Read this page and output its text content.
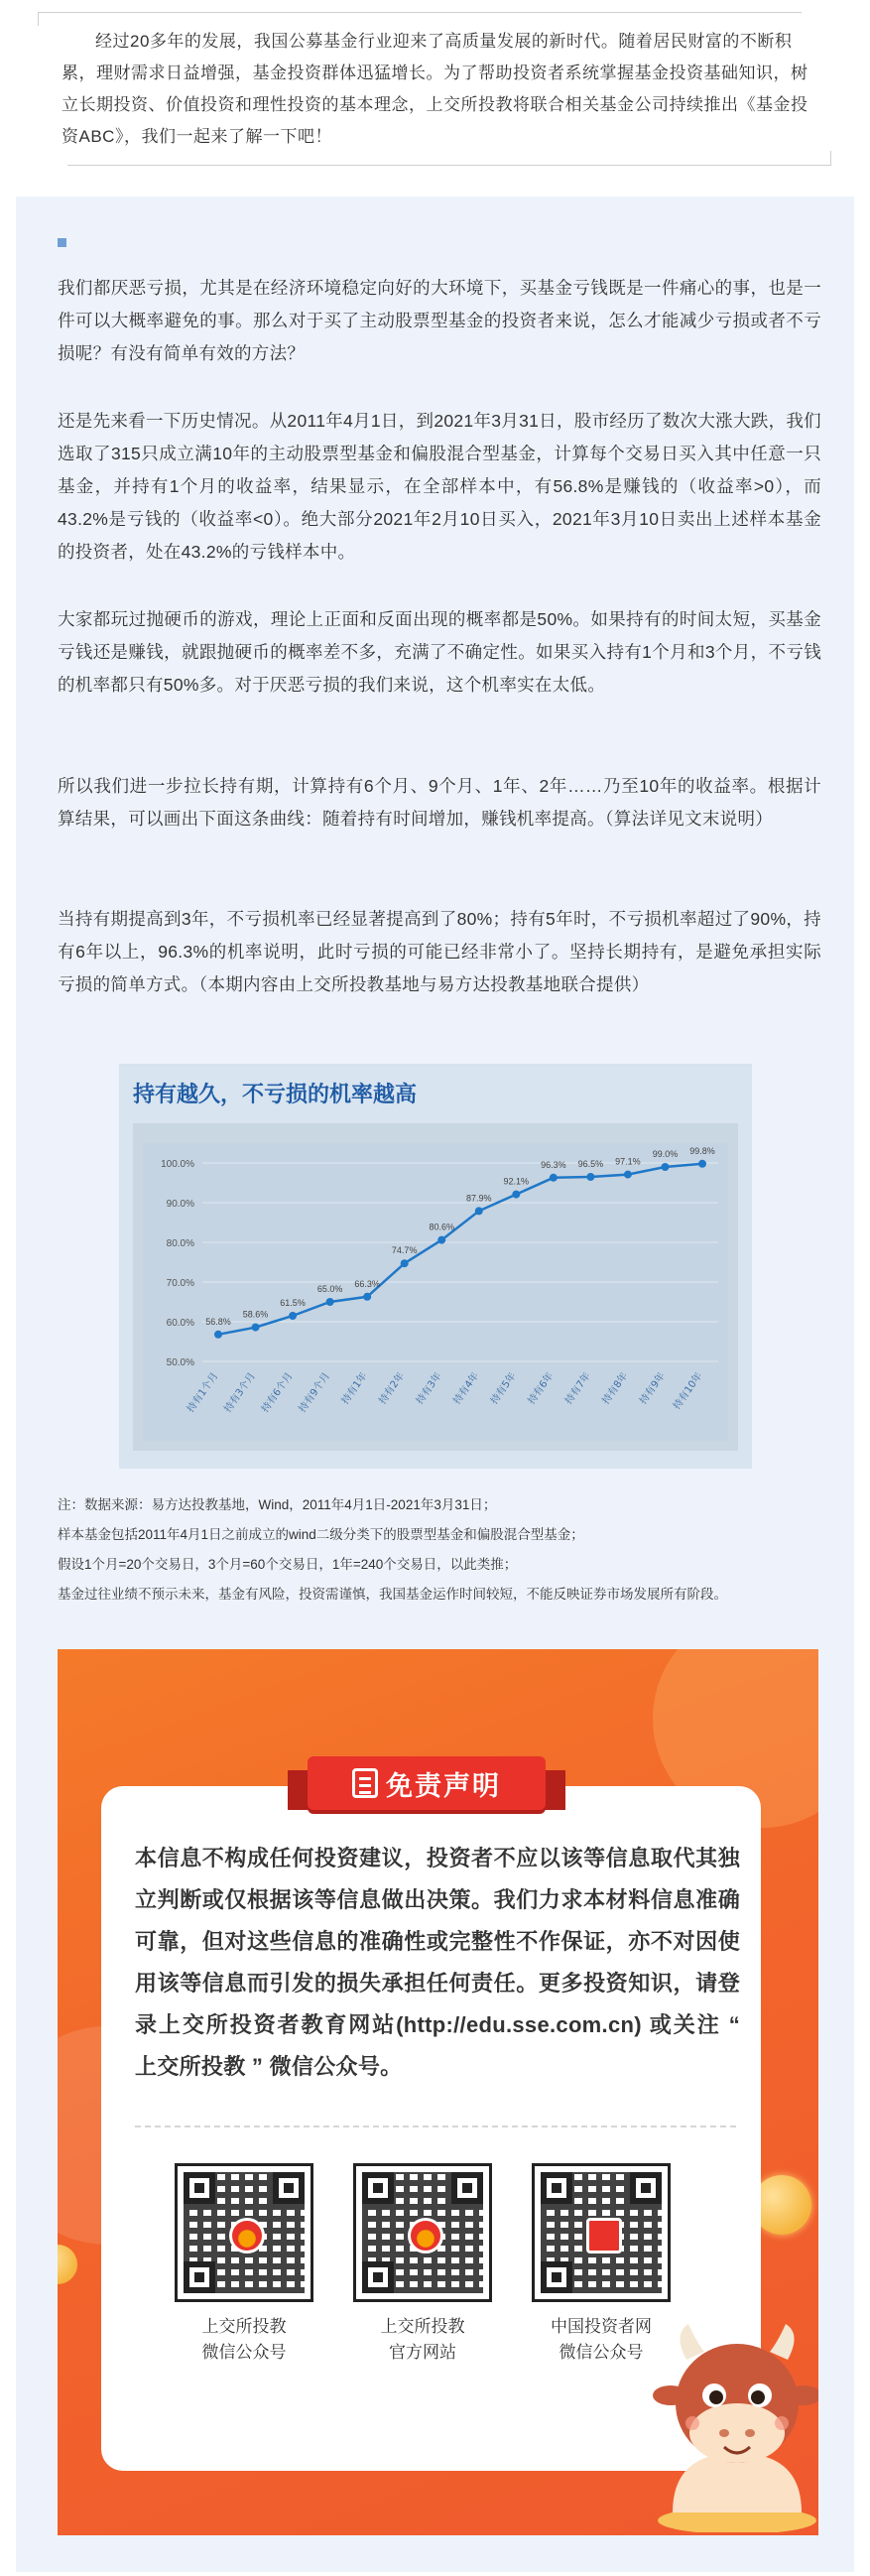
经过20多年的发展，我国公募基金行业迎来了高质量发展的新时代。随着居民财富的不断积累，理财需求日益增强，基金投资群体迅猛增长。为了帮助投资者系统掌握基金投资基础知识，树立长期投资、价值投资和理性投资的基本理念，上交所投教将联合相关基金公司持续推出《基金投资ABC》，我们一起来了解一下吧！

我们都厌恶亏损，尤其是在经济环境稳定向好的大环境下，买基金亏钱既是一件痛心的事，也是一件可以大概率避免的事。那么对于买了主动股票型基金的投资者来说，怎么才能减少亏损或者不亏损呢？有没有简单有效的方法？

还是先来看一下历史情况。从2011年4月1日，到2021年3月31日，股市经历了数次大涨大跌，我们选取了315只成立满10年的主动股票型基金和偏股混合型基金，计算每个交易日买入其中任意一只基金，并持有1个月的收益率，结果显示，在全部样本中，有56.8%是赚钱的（收益率>0），而43.2%是亏钱的（收益率<0）。绝大部分2021年2月10日买入，2021年3月10日卖出上述样本基金的投资者，处在43.2%的亏钱样本中。

大家都玩过抛硬币的游戏，理论上正面和反面出现的概率都是50%。如果持有的时间太短，买基金亏钱还是赚钱，就跟抛硬币的概率差不多，充满了不确定性。如果买入持有1个月和3个月，不亏钱的机率都只有50%多。对于厌恶亏损的我们来说，这个机率实在太低。

所以我们进一步拉长持有期，计算持有6个月、9个月、1年、2年……乃至10年的收益率。根据计算结果，可以画出下面这条曲线：随着持有时间增加，赚钱机率提高。（算法详见文末说明）

当持有期提高到3年，不亏损机率已经显著提高到了80%；持有5年时，不亏损机率超过了90%，持有6年以上，96.3%的机率说明，此时亏损的可能已经非常小了。坚持长期持有，是避免承担实际亏损的简单方式。（本期内容由上交所投教基地与易方达投教基地联合提供）

持有越久，不亏损的机率越高
50.0%
60.0%
70.0%
80.0%
90.0%
100.0%
56.8%
58.6%
61.5%
65.0%
66.3%
74.7%
80.6%
87.9%
92.1%
96.3% 96.5% 97.1%
99.0% 99.8%
持有1个月 持有3个月 持有6个月 持有9个月 持有1年 持有2年 持有3年 持有4年 持有5年 持有6年 持有7年 持有8年 持有9年 持有10年

注：数据来源：易方达投教基地，Wind，2011年4月1日-2021年3月31日；

样本基金包括2011年4月1日之前成立的wind二级分类下的股票型基金和偏股混合型基金；

假设1个月=20个交易日，3个月=60个交易日，1年=240个交易日，以此类推；

基金过往业绩不预示未来，基金有风险，投资需谨慎，我国基金运作时间较短，不能反映证券市场发展所有阶段。

免责声明

本信息不构成任何投资建议，投资者不应以该等信息取代其独立判断或仅根据该等信息做出决策。我们力求本材料信息准确可靠，但对这些信息的准确性或完整性不作保证，亦不对因使用该等信息而引发的损失承担任何责任。更多投资知识，请登录上交所投资者教育网站(http://edu.sse.com.cn) 或关注 “ 上交所投教 ” 微信公众号。

上交所投教
微信公众号
上交所投教
官方网站
中国投资者网
微信公众号
